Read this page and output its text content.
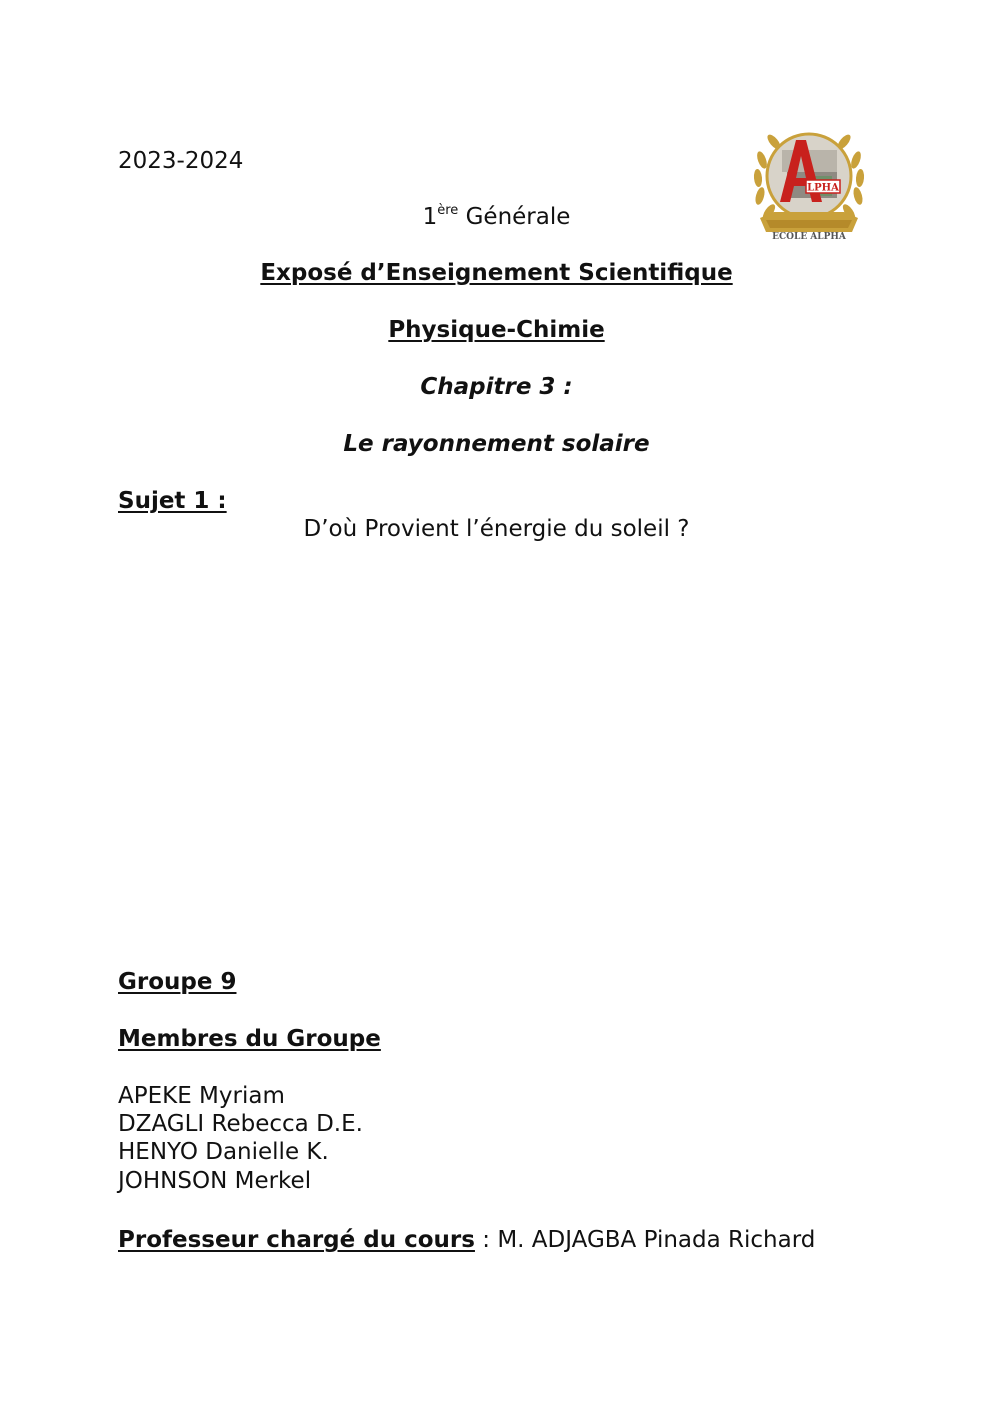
2023-2024
1ère Générale
LPHA
ECOLE ALPHA
Exposé d’Enseignement Scientifique
Physique-Chimie
Chapitre 3 :
Le rayonnement solaire
Sujet 1 :
D’où Provient l’énergie du soleil ?
Groupe 9
Membres du Groupe
APEKE Myriam
DZAGLI Rebecca D.E.
HENYO Danielle K.
JOHNSON Merkel
Professeur chargé du cours : M. ADJAGBA Pinada Richard
